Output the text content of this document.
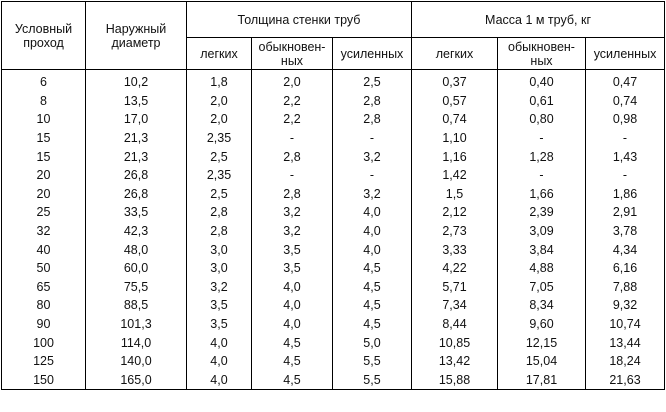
Условный проход	Наружный диаметр	Толщина стенки труб			Масса 1 м труб, кг		
		легких	обыкновен-ных	усиленных	легких	обыкновен-ных	усиленных
6	10,2	1,8	2,0	2,5	0,37	0,40	0,47
8	13,5	2,0	2,2	2,8	0,57	0,61	0,74
10	17,0	2,0	2,2	2,8	0,74	0,80	0,98
15	21,3	2,35	-	-	1,10	-	-
15	21,3	2,5	2,8	3,2	1,16	1,28	1,43
20	26,8	2,35	-	-	1,42	-	-
20	26,8	2,5	2,8	3,2	1,5	1,66	1,86
25	33,5	2,8	3,2	4,0	2,12	2,39	2,91
32	42,3	2,8	3,2	4,0	2,73	3,09	3,78
40	48,0	3,0	3,5	4,0	3,33	3,84	4,34
50	60,0	3,0	3,5	4,5	4,22	4,88	6,16
65	75,5	3,2	4,0	4,5	5,71	7,05	7,88
80	88,5	3,5	4,0	4,5	7,34	8,34	9,32
90	101,3	3,5	4,0	4,5	8,44	9,60	10,74
100	114,0	4,0	4,5	5,0	10,85	12,15	13,44
125	140,0	4,0	4,5	5,5	13,42	15,04	18,24
150	165,0	4,0	4,5	5,5	15,88	17,81	21,63
